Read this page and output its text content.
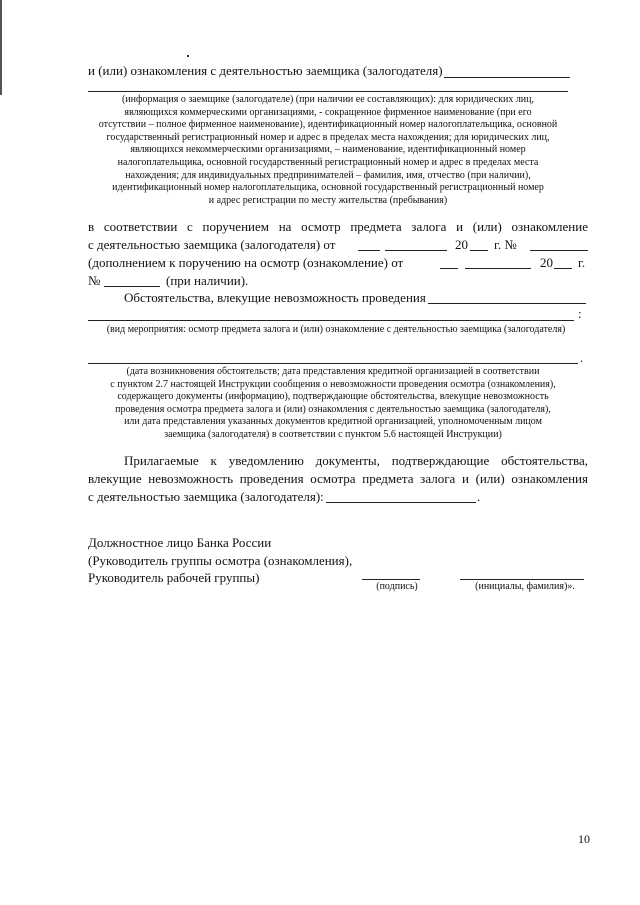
и (или) ознакомления с деятельностью заемщика (залогодателя)
(информация о заемщике (залогодателе) (при наличии ее составляющих): для юридических лиц,
являющихся коммерческими организациями, - сокращенное фирменное наименование (при его
отсутствии – полное фирменное наименование), идентификационный номер налогоплательщика, основной
государственный регистрационный номер и адрес в пределах места нахождения; для юридических лиц,
являющихся некоммерческими организациями, – наименование, идентификационный номер
налогоплательщика, основной государственный регистрационный номер и адрес в пределах места
нахождения; для индивидуальных предпринимателей – фамилия, имя, отчество (при наличии),
идентификационный номер налогоплательщика, основной государственный регистрационный номер
и адрес регистрации по месту жительства (пребывания)
в соответствии с поручением на осмотр предмета залога и (или) ознакомление
с деятельностью заемщика (залогодателя) от	20 г. №
(дополнением к поручению на осмотр (ознакомление) от	20 г.
№	(при наличии).
Обстоятельства, влекущие невозможность проведения
:
(вид мероприятия: осмотр предмета залога и (или) ознакомление с деятельностью заемщика (залогодателя)
.
(дата возникновения обстоятельств; дата представления кредитной организацией в соответствии
с пунктом 2.7 настоящей Инструкции сообщения о невозможности проведения осмотра (ознакомления),
содержащего документы (информацию), подтверждающие обстоятельства, влекущие невозможность
проведения осмотра предмета залога и (или) ознакомления с деятельностью заемщика (залогодателя),
или дата представления указанных документов кредитной организацией, уполномоченным лицом
заемщика (залогодателя) в соответствии с пунктом 5.6 настоящей Инструкции)
Прилагаемые к уведомлению документы, подтверждающие обстоятельства,
влекущие невозможность проведения осмотра предмета залога и (или) ознакомления
с деятельностью заемщика (залогодателя):	.
Должностное лицо Банка России
(Руководитель группы осмотра (ознакомления),
Руководитель рабочей группы)
(подпись)	(инициалы, фамилия)».
10
